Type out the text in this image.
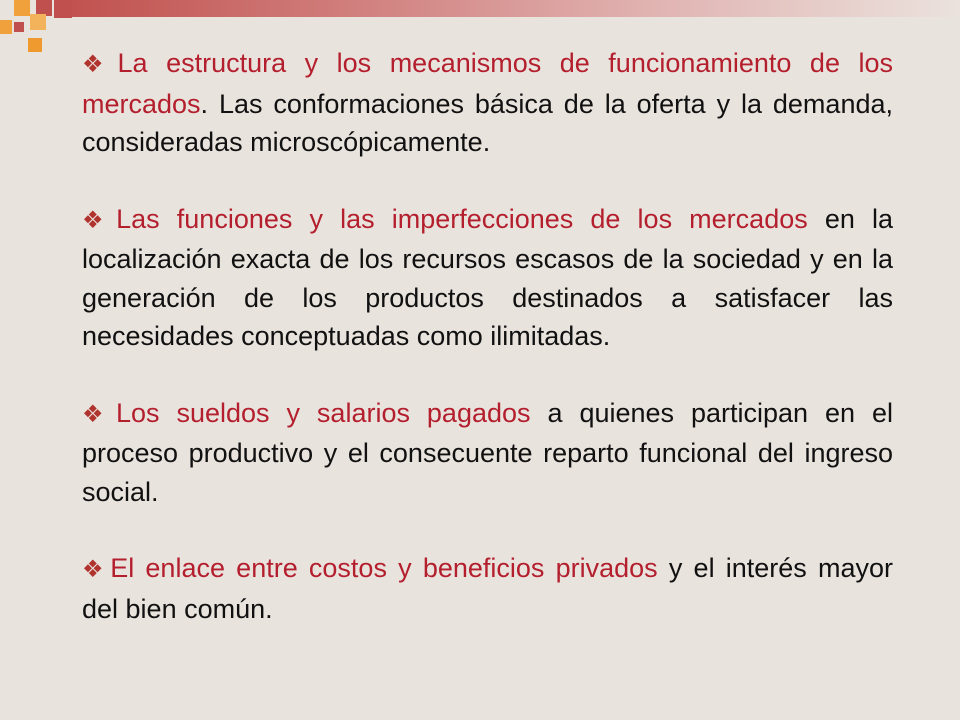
❖ La estructura y los mecanismos de funcionamiento de los mercados. Las conformaciones básica de la oferta y la demanda, consideradas microscópicamente.

❖ Las funciones y las imperfecciones de los mercados en la localización exacta de los recursos escasos de la sociedad y en la generación de los productos destinados a satisfacer las necesidades conceptuadas como ilimitadas.

❖ Los sueldos y salarios pagados a quienes participan en el proceso productivo y el consecuente reparto funcional del ingreso social.

❖ El enlace entre costos y beneficios privados y el interés mayor del bien común.
